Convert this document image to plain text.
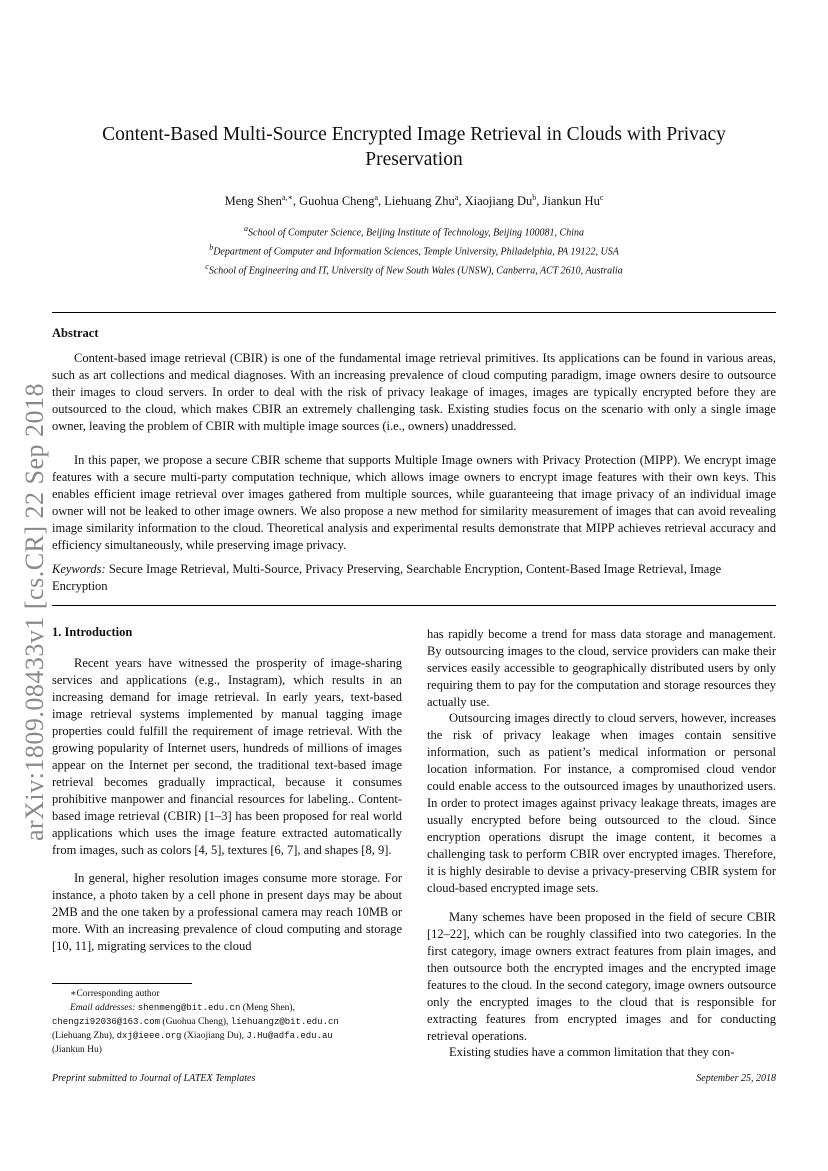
arXiv:1809.08433v1 [cs.CR] 22 Sep 2018
Content-Based Multi-Source Encrypted Image Retrieval in Clouds with Privacy
Preservation
Meng Shen$^{a,∗}$, Guohua Cheng$^a$, Liehuang Zhu$^a$, Xiaojiang Du$^b$, Jiankun Hu$^c$
$^a$School of Computer Science, Beijing Institute of Technology, Beijing 100081, China
$^b$Department of Computer and Information Sciences, Temple University, Philadelphia, PA 19122, USA
$^c$School of Engineering and IT, University of New South Wales (UNSW), Canberra, ACT 2610, Australia
Abstract
Content-based image retrieval (CBIR) is one of the fundamental image retrieval primitives. Its applications can be found in various areas, such as art collections and medical diagnoses. With an increasing prevalence of cloud computing paradigm, image owners desire to outsource their images to cloud servers. In order to deal with the risk of privacy leakage of images, images are typically encrypted before they are outsourced to the cloud, which makes CBIR an extremely challenging task. Existing studies focus on the scenario with only a single image owner, leaving the problem of CBIR with multiple image sources (i.e., owners) unaddressed.
In this paper, we propose a secure CBIR scheme that supports Multiple Image owners with Privacy Protection (MIPP). We encrypt image features with a secure multi-party computation technique, which allows image owners to encrypt image features with their own keys. This enables efficient image retrieval over images gathered from multiple sources, while guaranteeing that image privacy of an individual image owner will not be leaked to other image owners. We also propose a new method for similarity measurement of images that can avoid revealing image similarity information to the cloud. Theoretical analysis and experimental results demonstrate that MIPP achieves retrieval accuracy and efficiency simultaneously, while preserving image privacy.
Keywords: Secure Image Retrieval, Multi-Source, Privacy Preserving, Searchable Encryption, Content-Based Image Retrieval, Image Encryption
1. Introduction
Recent years have witnessed the prosperity of image-sharing services and applications (e.g., Instagram), which results in an increasing demand for image retrieval. In early years, text-based image retrieval systems implemented by manual tagging image properties could fulfill the requirement of image retrieval. With the growing popularity of Internet users, hundreds of millions of images appear on the Internet per second, the traditional text-based image retrieval becomes gradually impractical, because it consumes prohibitive manpower and financial resources for labeling.. Content-based image retrieval (CBIR) [1–3] has been proposed for real world applications which uses the image feature extracted automatically from images, such as colors [4, 5], textures [6, 7], and shapes [8, 9].
In general, higher resolution images consume more storage. For instance, a photo taken by a cell phone in present days may be about 2MB and the one taken by a professional camera may reach 10MB or more. With an increasing prevalence of cloud computing and storage [10, 11], migrating services to the cloud
has rapidly become a trend for mass data storage and management. By outsourcing images to the cloud, service providers can make their services easily accessible to geographically distributed users by only requiring them to pay for the computation and storage resources they actually use.
Outsourcing images directly to cloud servers, however, increases the risk of privacy leakage when images contain sensitive information, such as patient’s medical information or personal location information. For instance, a compromised cloud vendor could enable access to the outsourced images by unauthorized users. In order to protect images against privacy leakage threats, images are usually encrypted before being outsourced to the cloud. Since encryption operations disrupt the image content, it becomes a challenging task to perform CBIR over encrypted images. Therefore, it is highly desirable to devise a privacy-preserving CBIR system for cloud-based encrypted image sets.
Many schemes have been proposed in the field of secure CBIR [12–22], which can be roughly classified into two categories. In the first category, image owners extract features from plain images, and then outsource both the encrypted images and the encrypted image features to the cloud. In the second category, image owners outsource only the encrypted images to the cloud that is responsible for extracting features from encrypted images and for conducting retrieval operations.
Existing studies have a common limitation that they con-
∗Corresponding author
Email addresses: shenmeng@bit.edu.cn (Meng Shen),
chengzi92036@163.com (Guohua Cheng), liehuangz@bit.edu.cn
(Liehuang Zhu), dxj@ieee.org (Xiaojiang Du), J.Hu@adfa.edu.au
(Jiankun Hu)
Preprint submitted to Journal of LATEX Templates	September 25, 2018
